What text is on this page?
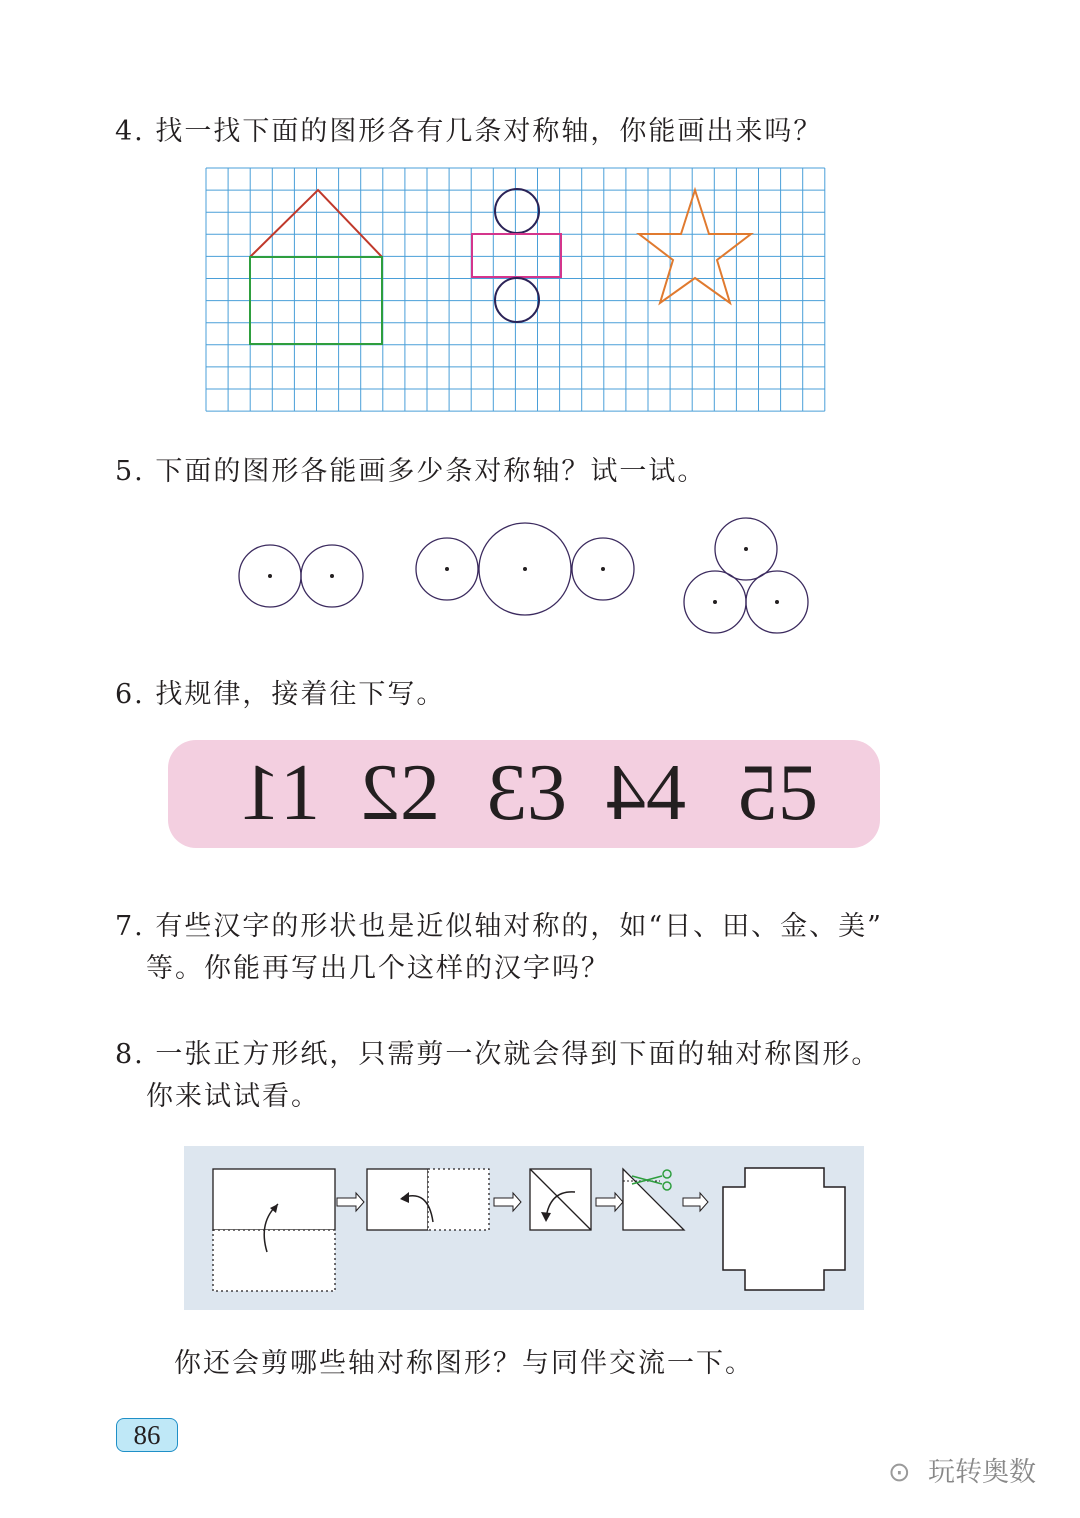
4. 找一找下面的图形各有几条对称轴，你能画出来吗？
5. 下面的图形各能画多少条对称轴？试一试。
6. 找规律，接着往下写。
11 22 33 44 55
7. 有些汉字的形状也是近似轴对称的，如“日、田、金、美”
等。你能再写出几个这样的汉字吗？
8. 一张正方形纸，只需剪一次就会得到下面的轴对称图形。
你来试试看。
你还会剪哪些轴对称图形？与同伴交流一下。
86
⊙ 玩转奥数
